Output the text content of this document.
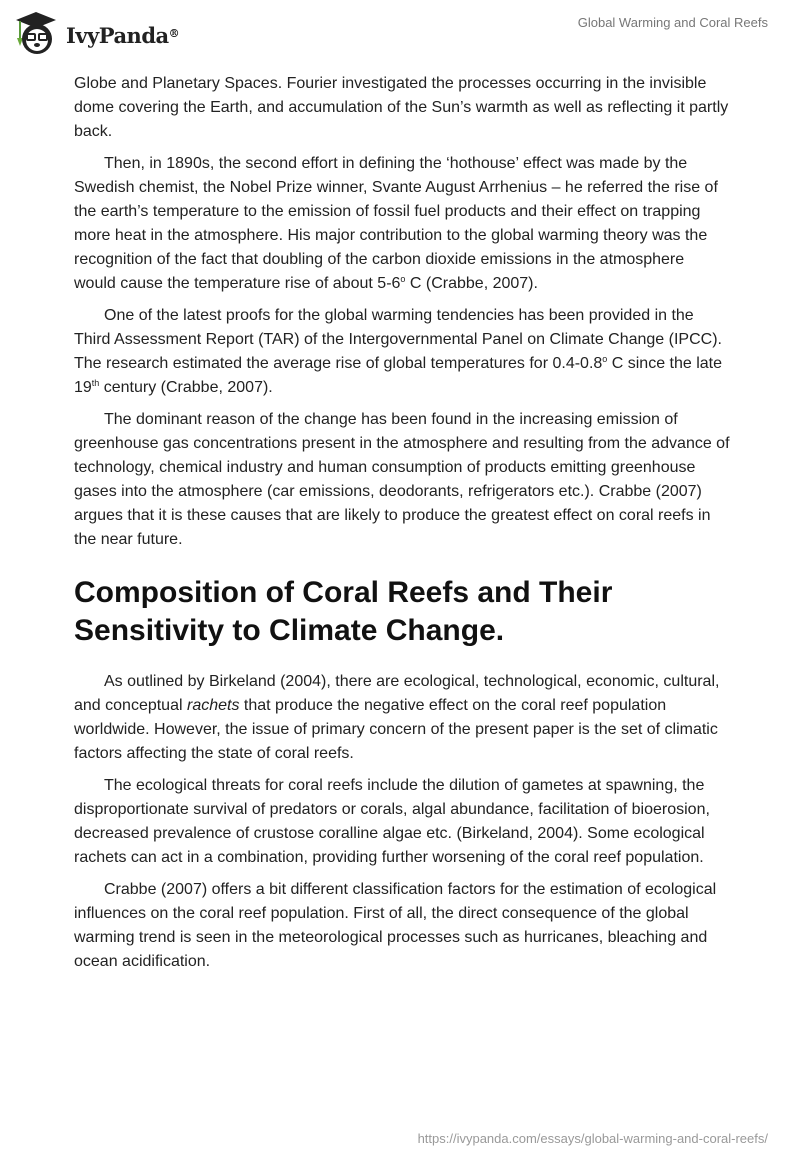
IvyPanda®
Global Warming and Coral Reefs

Globe and Planetary Spaces. Fourier investigated the processes occurring in the invisible dome covering the Earth, and accumulation of the Sun’s warmth as well as reflecting it partly back.

Then, in 1890s, the second effort in defining the ‘hothouse’ effect was made by the Swedish chemist, the Nobel Prize winner, Svante August Arrhenius – he referred the rise of the earth’s temperature to the emission of fossil fuel products and their effect on trapping more heat in the atmosphere. His major contribution to the global warming theory was the recognition of the fact that doubling of the carbon dioxide emissions in the atmosphere would cause the temperature rise of about 5-6$^o$ C (Crabbe, 2007).

One of the latest proofs for the global warming tendencies has been provided in the Third Assessment Report (TAR) of the Intergovernmental Panel on Climate Change (IPCC). The research estimated the average rise of global temperatures for 0.4-0.8$^o$ C since the late 19th century (Crabbe, 2007).

The dominant reason of the change has been found in the increasing emission of greenhouse gas concentrations present in the atmosphere and resulting from the advance of technology, chemical industry and human consumption of products emitting greenhouse gases into the atmosphere (car emissions, deodorants, refrigerators etc.). Crabbe (2007) argues that it is these causes that are likely to produce the greatest effect on coral reefs in the near future.

Composition of Coral Reefs and Their Sensitivity to Climate Change.

As outlined by Birkeland (2004), there are ecological, technological, economic, cultural, and conceptual rachets that produce the negative effect on the coral reef population worldwide. However, the issue of primary concern of the present paper is the set of climatic factors affecting the state of coral reefs.

The ecological threats for coral reefs include the dilution of gametes at spawning, the disproportionate survival of predators or corals, algal abundance, facilitation of bioerosion, decreased prevalence of crustose coralline algae etc. (Birkeland, 2004). Some ecological rachets can act in a combination, providing further worsening of the coral reef population.

Crabbe (2007) offers a bit different classification factors for the estimation of ecological influences on the coral reef population. First of all, the direct consequence of the global warming trend is seen in the meteorological processes such as hurricanes, bleaching and ocean acidification.

https://ivypanda.com/essays/global-warming-and-coral-reefs/
